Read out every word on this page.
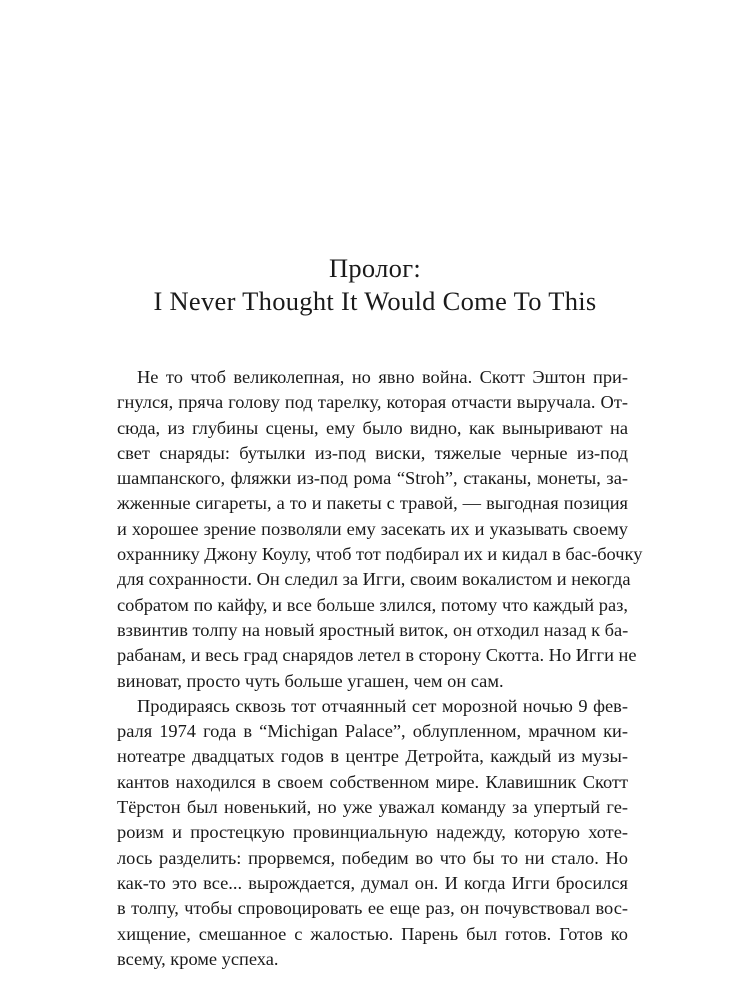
Пролог:
I Never Thought It Would Come To This

Не то чтоб великолепная, но явно война. Скотт Эштон при-
гнулся, пряча голову под тарелку, которая отчасти выручала. От-
сюда, из глубины сцены, ему было видно, как выныривают на
свет снаряды: бутылки из-под виски, тяжелые черные из-под
шампанского, фляжки из-под рома “Stroh”, стаканы, монеты, за-
жженные сигареты, а то и пакеты с травой, — выгодная позиция
и хорошее зрение позволяли ему засекать их и указывать своему
охраннику Джону Коулу, чтоб тот подбирал их и кидал в бас-бочку
для сохранности. Он следил за Игги, своим вокалистом и некогда
собратом по кайфу, и все больше злился, потому что каждый раз,
взвинтив толпу на новый яростный виток, он отходил назад к ба-
рабанам, и весь град снарядов летел в сторону Скотта. Но Игги не
виноват, просто чуть больше угашен, чем он сам.

Продираясь сквозь тот отчаянный сет морозной ночью 9 фев-
раля 1974 года в “Michigan Palace”, облупленном, мрачном ки-
нотеатре двадцатых годов в центре Детройта, каждый из музы-
кантов находился в своем собственном мире. Клавишник Скотт
Тёрстон был новенький, но уже уважал команду за упертый ге-
роизм и простецкую провинциальную надежду, которую хоте-
лось разделить: прорвемся, победим во что бы то ни стало. Но
как-то это все... вырождается, думал он. И когда Игги бросился
в толпу, чтобы спровоцировать ее еще раз, он почувствовал вос-
хищение, смешанное с жалостью. Парень был готов. Готов ко
всему, кроме успеха.
